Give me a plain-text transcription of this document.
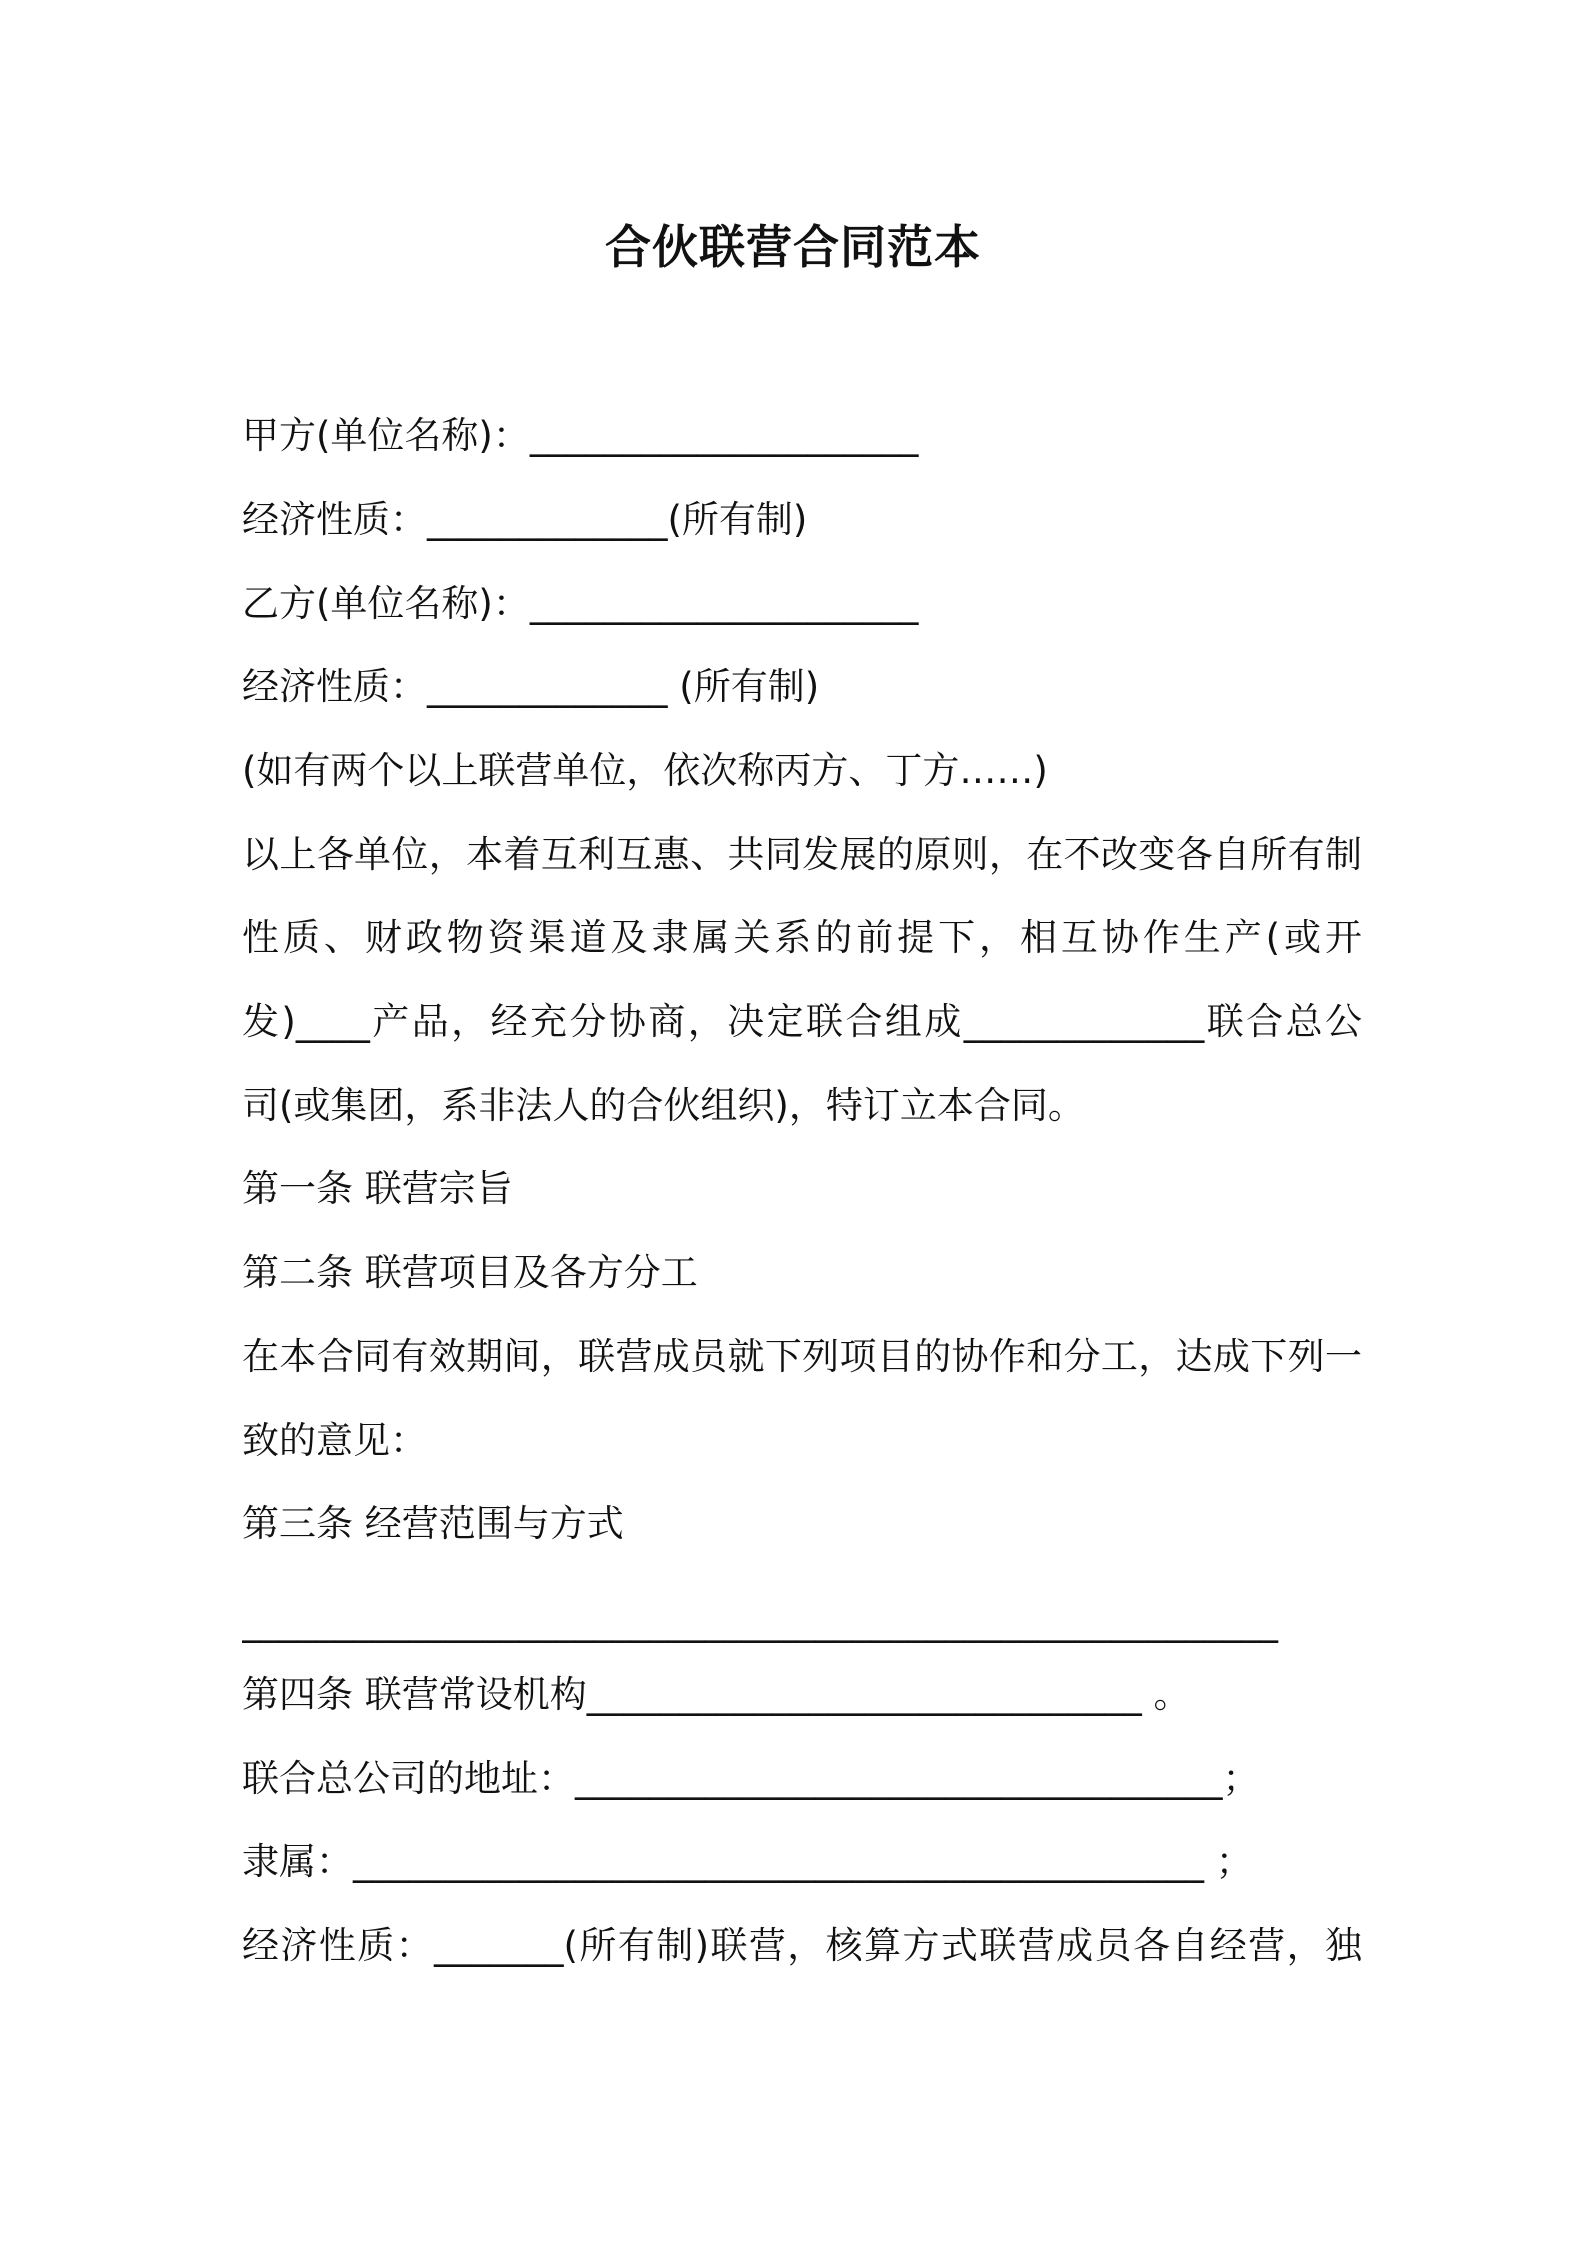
合伙联营合同范本
甲方(单位名称)：_____________________
经济性质：_____________(所有制)
乙方(单位名称)：_____________________
经济性质：_____________ (所有制)
(如有两个以上联营单位，依次称丙方、丁方……)
以上各单位，本着互利互惠、共同发展的原则，在不改变各自所有制
性质、财政物资渠道及隶属关系的前提下，相互协作生产(或开
发)____产品，经充分协商，决定联合组成_____________联合总公
司(或集团，系非法人的合伙组织)，特订立本合同。
第一条 联营宗旨
第二条 联营项目及各方分工
在本合同有效期间，联营成员就下列项目的协作和分工，达成下列一
致的意见：
第三条 经营范围与方式
________________________________________________________
第四条 联营常设机构______________________________ 。
联合总公司的地址：___________________________________；
隶属：______________________________________________ ；
经济性质：_______(所有制)联营，核算方式联营成员各自经营，独
